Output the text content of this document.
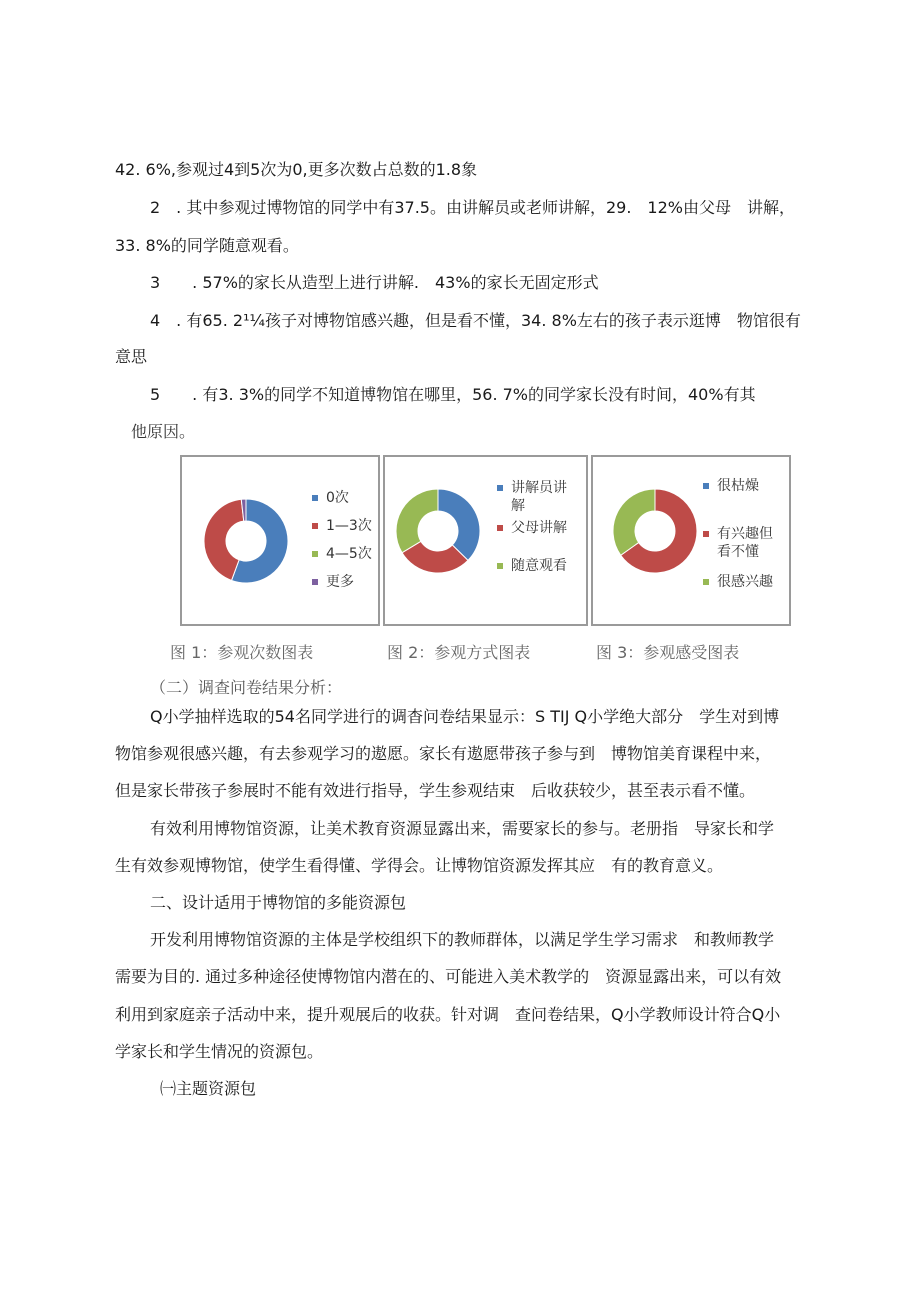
42. 6%,参观过4到5次为0,更多次数占总数的1.8象
2　. 其中参观过博物馆的同学中有37.5。由讲解员或老师讲解，29.　12%由父母　讲解，
33. 8%的同学随意观看。
3　　. 57%的家长从造型上进行讲解.　43%的家长无固定形式
4　. 有65. 2¹¼孩子对博物馆感兴趣，但是看不懂，34. 8%左右的孩子表示逛博　物馆很有
意思
5　　. 有3. 3%的同学不知道博物馆在哪里，56. 7%的同学家长没有时间，40%有其
他原因。
0次
1—3次
4—5次
更多
讲解员讲
解
父母讲解
随意观看
很枯燥
有兴趣但
看不懂
很感兴趣
图 1：参观次数图表	图 2：参观方式图表	图 3：参观感受图表
（二）调查问卷结果分析：
Q小学抽样选取的54名同学进行的调杳问卷结果显示：S TIJ Q小学绝大部分　学生对到博
物馆参观很感兴趣，有去参观学习的遨愿。家长有遨愿带孩子参与到　博物馆美育课程中来，
但是家长带孩子参展时不能有效进行指导，学生参观结束　后收获较少，甚至表示看不懂。
有效利用博物馆资源，让美术教育资源显露出来，需要家长的参与。老册指　导家长和学
生有效参观博物馆，使学生看得懂、学得会。让博物馆资源发挥其应　有的教育意义。
二、设计适用于博物馆的多能资源包
开发利用博物馆资源的主体是学校组织下的教师群体，以满足学生学习需求　和教师教学
需要为目的. 通过多种途径使博物馆内潜在的、可能进入美术教学的　资源显露出来，可以有效
利用到家庭亲子活动中来，提升观展后的收获。针对调　查问卷结果，Q小学教师设计符合Q小
学家长和学生情况的资源包。
㈠主题资源包
